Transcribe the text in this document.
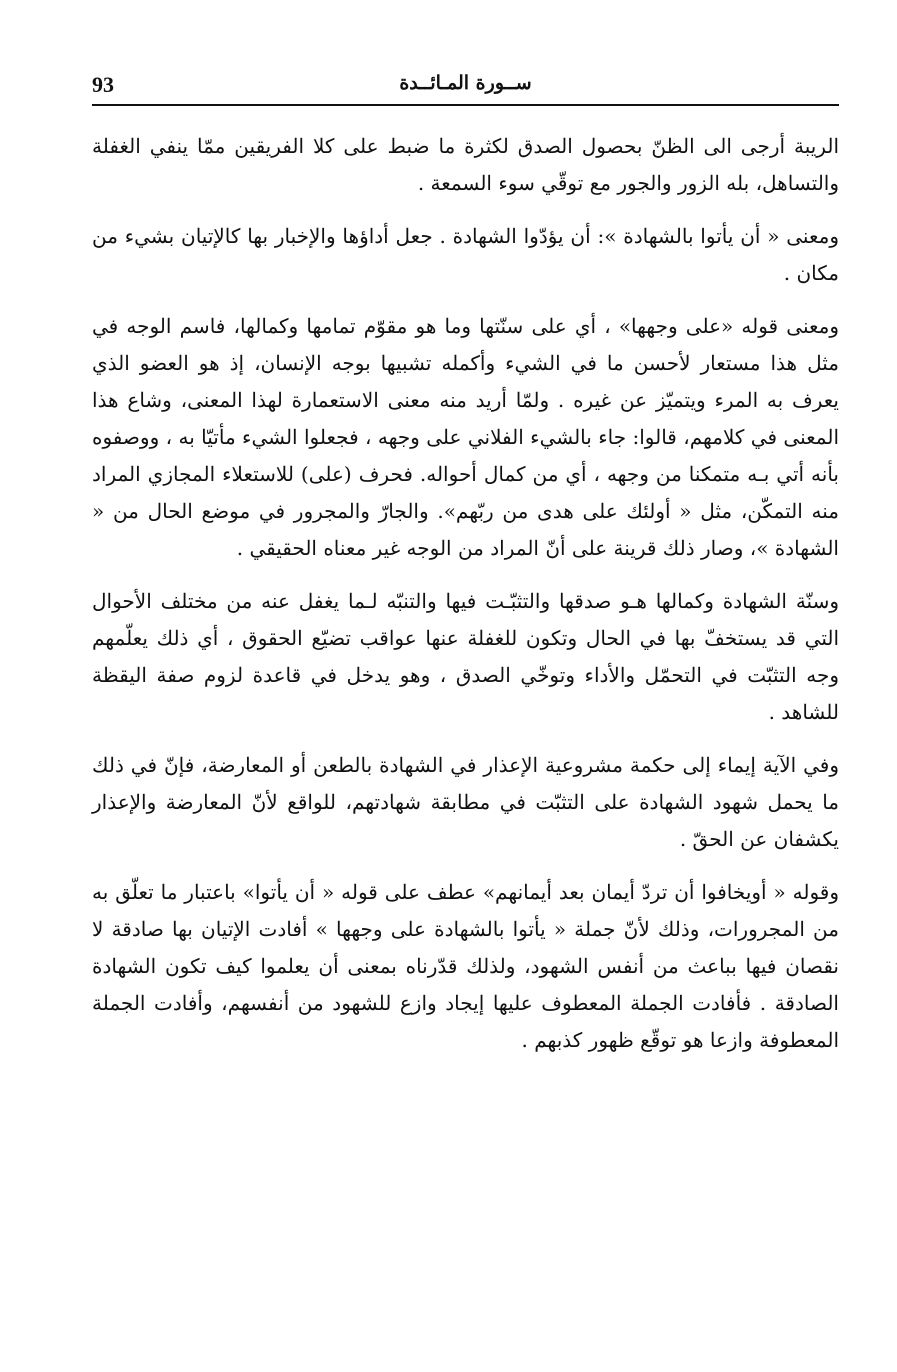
93	ســورة المـائــدة

الريبة أرجى الى الظنّ بحصول الصدق لكثرة ما ضبط على كلا الفريقين ممّا ينفي الغفلة والتساهل، بله الزور والجور مع توقّي سوء السمعة .

ومعنى « أن يأتوا بالشهادة »: أن يؤدّوا الشهادة . جعل أداؤها والإخبار بها كالإتيان بشيء من مكان .

ومعنى قوله «على وجهها» ، أي على سنّتها وما هو مقوّم تمامها وكمالها، فاسم الوجه في مثل هذا مستعار لأحسن ما في الشيء وأكمله تشبيها بوجه الإنسان، إذ هو العضو الذي يعرف به المرء ويتميّز عن غيره . ولمّا أريد منه معنى الاستعمارة لهذا المعنى، وشاع هذا المعنى في كلامهم، قالوا: جاء بالشيء الفلاني على وجهه ، فجعلوا الشيء مأتيّا به ، ووصفوه بأنه أتي بـه متمكنا من وجهه ، أي من كمال أحواله. فحرف (على) للاستعلاء المجازي المراد منه التمكّن، مثل « أولئك على هدى من ربّهم». والجارّ والمجرور في موضع الحال من « الشهادة »، وصار ذلك قرينة على أنّ المراد من الوجه غير معناه الحقيقي .

وسنّة الشهادة وكمالها هـو صدقها والتثبّـت فيها والتنبّه لـما يغفل عنه من مختلف الأحوال التي قد يستخفّ بها في الحال وتكون للغفلة عنها عواقب تضيّع الحقوق ، أي ذلك يعلّمهم وجه التثبّت في التحمّل والأداء وتوخّي الصدق ، وهو يدخل في قاعدة لزوم صفة اليقظة للشاهد .

وفي الآية إيماء إلى حكمة مشروعية الإعذار في الشهادة بالطعن أو المعارضة، فإنّ في ذلك ما يحمل شهود الشهادة على التثبّت في مطابقة شهادتهم، للواقع لأنّ المعارضة والإعذار يكشفان عن الحقّ .

وقوله « أويخافوا أن تردّ أيمان بعد أيمانهم» عطف على قوله « أن يأتوا» باعتبار ما تعلّق به من المجرورات، وذلك لأنّ جملة « يأتوا بالشهادة على وجهها » أفادت الإتيان بها صادقة لا نقصان فيها بباعث من أنفس الشهود، ولذلك قدّرناه بمعنى أن يعلموا كيف تكون الشهادة الصادقة . فأفادت الجملة المعطوف عليها إيجاد وازع للشهود من أنفسهم، وأفادت الجملة المعطوفة وازعا هو توقّع ظهور كذبهم .
